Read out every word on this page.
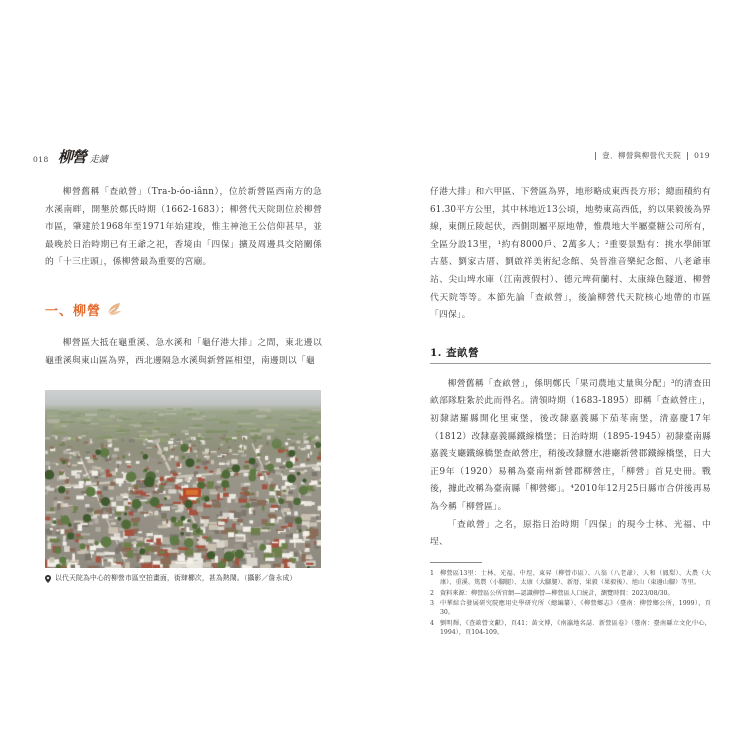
018 柳營 走讀

柳營舊稱「查畝營」（Tra-b-óo-iânn），位於新營區西南方的急水溪南畔，開墾於鄭氏時期（1662-1683）；柳營代天院則位於柳營市區，肇建於1968年至1971年始建竣，惟主神池王公信仰甚早，並最晚於日治時期已有王爺之祀，香境由「四保」擴及周邊具交陪關係的「十三庄頭」，係柳營最為重要的宮廟。

一、柳營

柳營區大抵在龜重溪、急水溪和「龜仔港大排」之間，東北邊以龜重溪與東山區為界，西北邊隔急水溪與新營區相望，南邊則以「龜

以代天院為中心的柳營市區空拍畫面，街肆櫛次，甚為熱鬧。（攝影／詹永成）
壹．柳營與柳營代天院 019

仔港大排」和六甲區、下營區為界，地形略成東西長方形；總面積約有61.30平方公里，其中林地近13公頃，地勢東高西低，約以果毅後為界線，東側丘陵起伏，西側則屬平原地帶，惟農地大半屬臺糖公司所有，全區分設13里，¹約有8000戶、2萬多人；²重要景點有：挑水學師軍古墓、劉家古厝、劉啟祥美術紀念館、吳晉淮音樂紀念館、八老爺車站、尖山埤水庫（江南渡假村）、德元埤荷蘭村、太康綠色隧道、柳營代天院等等。本節先論「查畝營」，後論柳營代天院核心地帶的市區「四保」。

1. 查畝營

柳營舊稱「查畝營」，係明鄭氏「果司農地丈量與分配」³的清查田畝部隊駐紮於此而得名。清領時期（1683-1895）即稱「查畝營庄」，初隸諸羅縣開化里東堡，後改隸嘉義縣下茄苳南堡，清嘉慶17年（1812）改隸嘉義縣鐵線橋堡；日治時期（1895-1945）初隸臺南縣嘉義支廳鐵線橋堡查畝營庄，稍後改隸鹽水港廳新營郡鐵線橋堡，日大正9年（1920）易稱為臺南州新營郡柳營庄，「柳營」首見史冊。戰後，據此改稱為臺南縣「柳營鄉」。⁴2010年12月25日縣市合併後再易為今稱「柳營區」。

「查畝營」之名，原指日治時期「四保」的現今士林、光福、中埕、

1 柳營區13里：士林、光福、中埕、東昇（柳營市區）、八翁（八老爺）、人和（鳳梨）、大農（大康）、重溪、篤農（小腳腿）、太康（大腳腿）、新厝、果毅（果毅後）、旭山（東邊山腳）等里。
2 資料來源：柳營區公所官網—認識柳營—柳營區人口統計，瀏覽時間：2023/08/30。
3 中華綜合發展研究院應用史學研究所（總編纂），《柳營鄉志》（臺南：柳營鄉公所，1999），頁30。
4 劉明輝，《查畝營文獻》，頁41；黃文博，《南瀛地名誌．新營區卷》（臺南：臺南縣立文化中心，1994），頁104-109。
